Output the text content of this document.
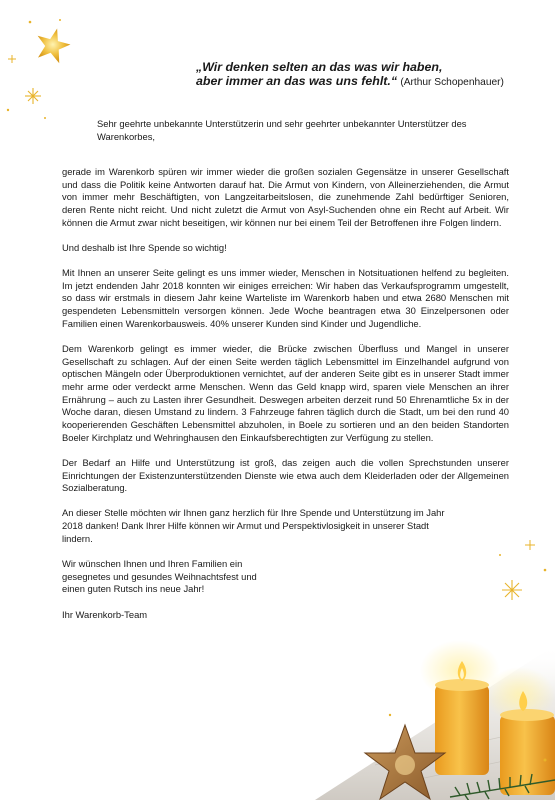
„Wir denken selten an das was wir haben,
aber immer an das was uns fehlt.“ (Arthur Schopenhauer)

Sehr geehrte unbekannte Unterstützerin und sehr geehrter unbekannter Unterstützer des Warenkorbes,

gerade im Warenkorb spüren wir immer wieder die großen sozialen Gegensätze in unserer Gesellschaft und dass die Politik keine Antworten darauf hat. Die Armut von Kindern, von Alleinerziehenden, die Armut von immer mehr Beschäftigten, von Langzeitarbeitslosen, die zunehmende Zahl bedürftiger Senioren, deren Rente nicht reicht. Und nicht zuletzt die Armut von Asyl-Suchenden ohne ein Recht auf Arbeit. Wir können die Armut zwar nicht beseitigen, wir können nur bei einem Teil der Betroffenen ihre Folgen lindern.

Und deshalb ist Ihre Spende so wichtig!

Mit Ihnen an unserer Seite gelingt es uns immer wieder, Menschen in Notsituationen helfend zu begleiten. Im jetzt endenden Jahr 2018 konnten wir einiges erreichen: Wir haben das Verkaufsprogramm umgestellt, so dass wir erstmals in diesem Jahr keine Warteliste im Warenkorb haben und etwa 2680 Menschen mit gespendeten Lebensmitteln versorgen können. Jede Woche beantragen etwa 30 Einzelpersonen oder Familien einen Warenkorbausweis. 40% unserer Kunden sind Kinder und Jugendliche.

Dem Warenkorb gelingt es immer wieder, die Brücke zwischen Überfluss und Mangel in unserer Gesellschaft zu schlagen. Auf der einen Seite werden täglich Lebensmittel im Einzelhandel aufgrund von optischen Mängeln oder Überproduktionen vernichtet, auf der anderen Seite gibt es in unserer Stadt immer mehr arme oder verdeckt arme Menschen. Wenn das Geld knapp wird, sparen viele Menschen an ihrer Ernährung – auch zu Lasten ihrer Gesundheit. Deswegen arbeiten derzeit rund 50 Ehrenamtliche 5x in der Woche daran, diesen Umstand zu lindern. 3 Fahrzeuge fahren täglich durch die Stadt, um bei den rund 40 kooperierenden Geschäften Lebensmittel abzuholen, in Boele zu sortieren und an den beiden Standorten Boeler Kirchplatz und Wehringhausen den Einkaufsberechtigten zur Verfügung zu stellen.

Der Bedarf an Hilfe und Unterstützung ist groß, das zeigen auch die vollen Sprechstunden unserer Einrichtungen der Existenzunterstützenden Dienste wie etwa auch dem Kleiderladen oder der Allgemeinen Sozialberatung.

An dieser Stelle möchten wir Ihnen ganz herzlich für Ihre Spende und Unterstützung im Jahr 2018 danken! Dank Ihrer Hilfe können wir Armut und Perspektivlosigkeit in unserer Stadt lindern.

Wir wünschen Ihnen und Ihren Familien ein gesegnetes und gesundes Weihnachtsfest und einen guten Rutsch ins neue Jahr!

Ihr Warenkorb-Team
